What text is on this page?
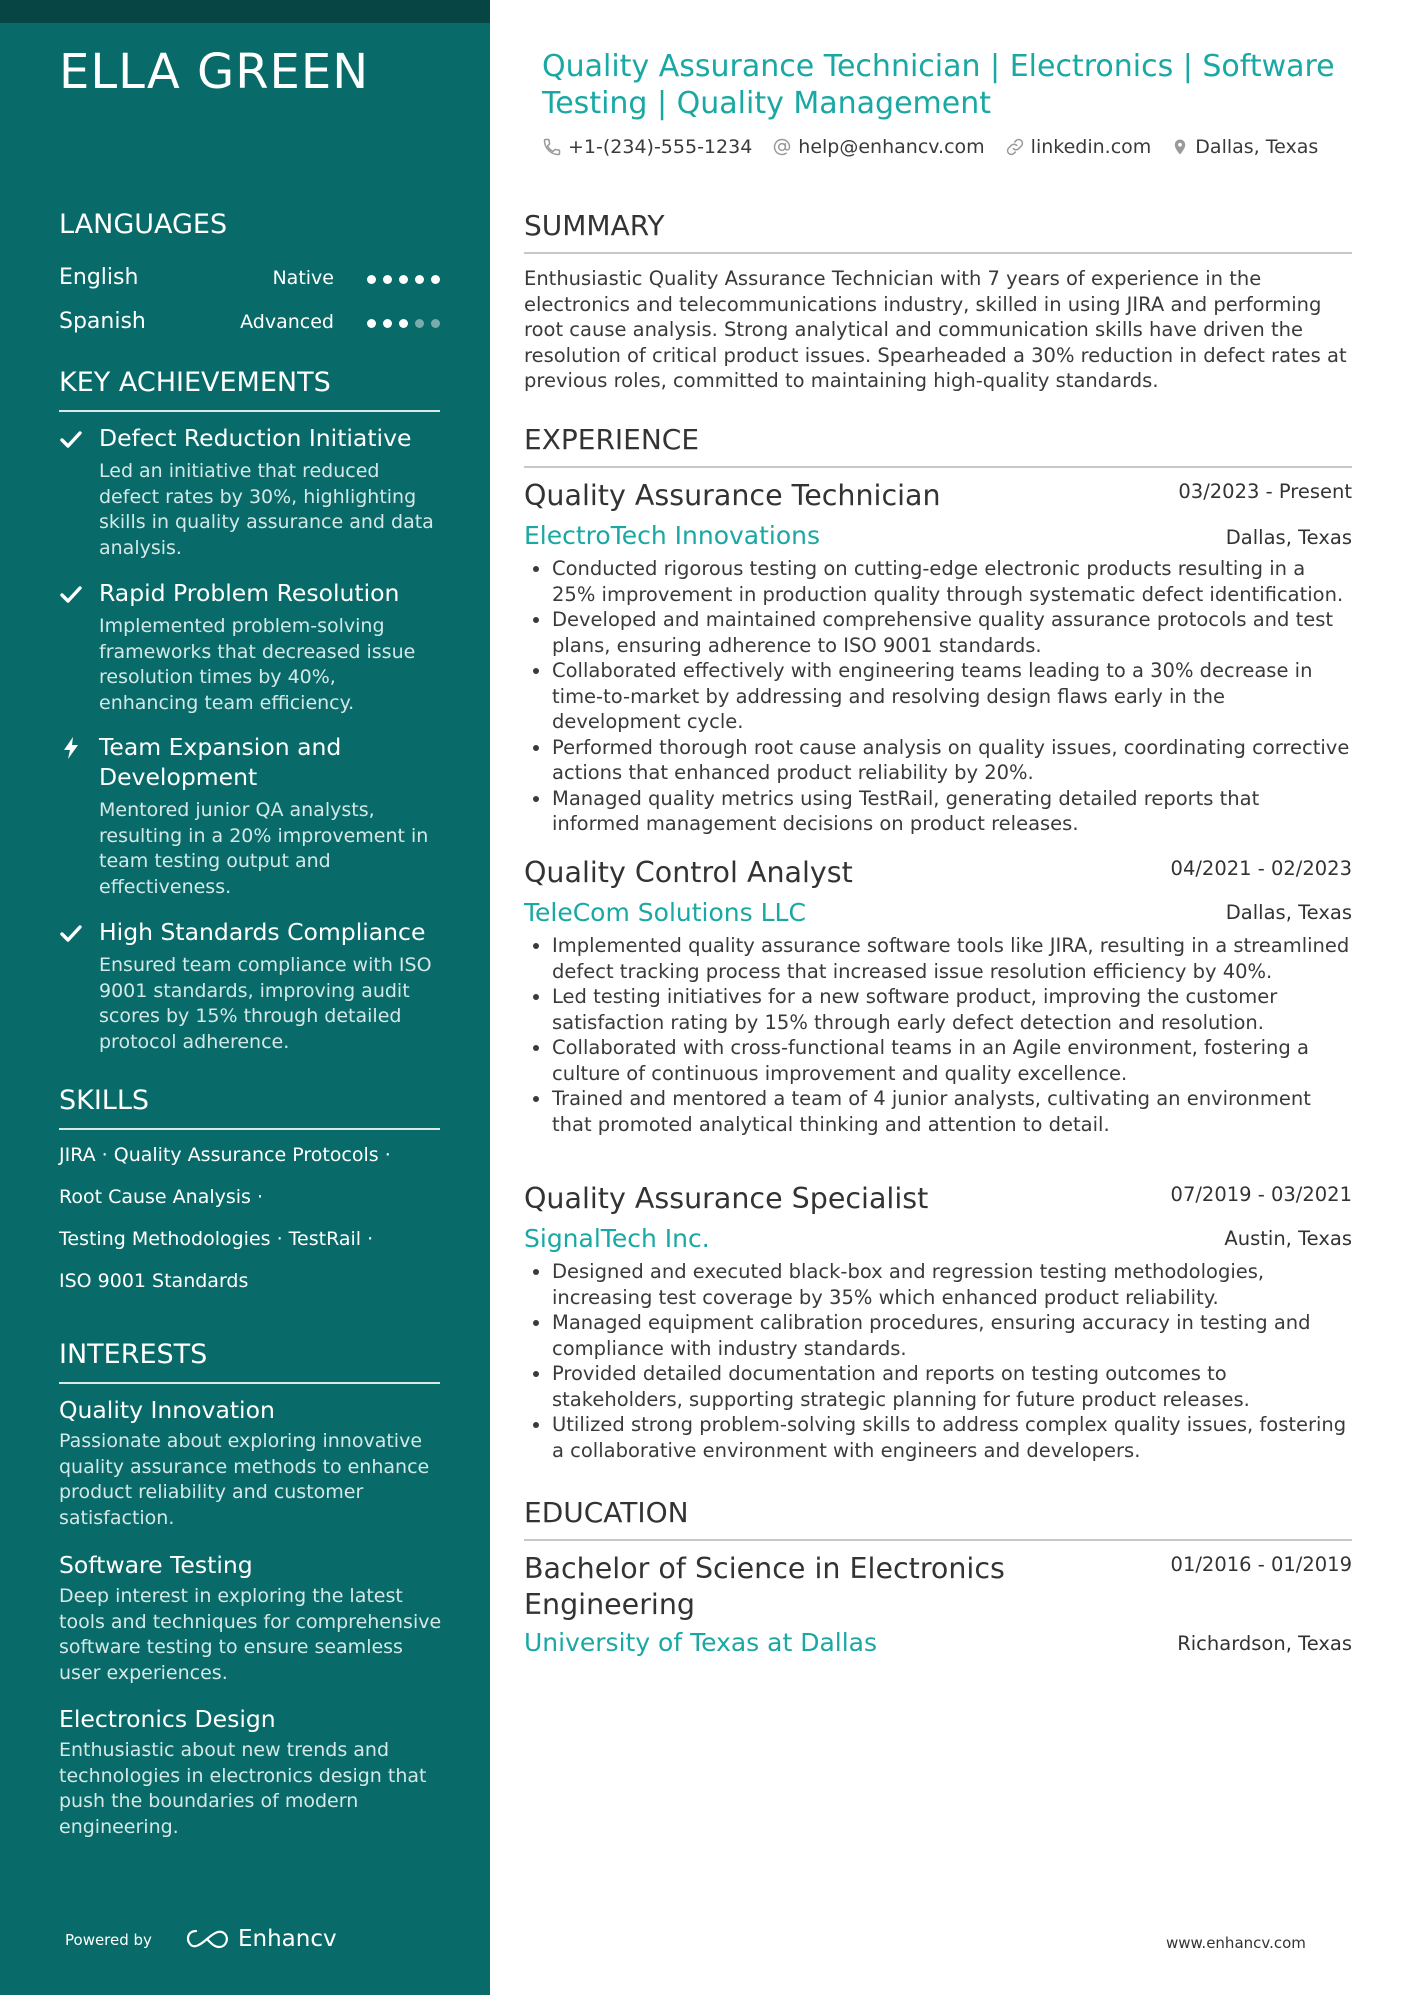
ELLA GREEN
LANGUAGES
English	Native
Spanish	Advanced
KEY ACHIEVEMENTS
Defect Reduction Initiative
Led an initiative that reduced defect rates by 30%, highlighting skills in quality assurance and data analysis.
Rapid Problem Resolution
Implemented problem-solving frameworks that decreased issue resolution times by 40%, enhancing team efficiency.
Team Expansion and Development
Mentored junior QA analysts, resulting in a 20% improvement in team testing output and effectiveness.
High Standards Compliance
Ensured team compliance with ISO 9001 standards, improving audit scores by 15% through detailed protocol adherence.
SKILLS
JIRA · Quality Assurance Protocols ·
Root Cause Analysis ·
Testing Methodologies · TestRail ·
ISO 9001 Standards
INTERESTS
Quality Innovation
Passionate about exploring innovative quality assurance methods to enhance product reliability and customer satisfaction.
Software Testing
Deep interest in exploring the latest tools and techniques for comprehensive software testing to ensure seamless user experiences.
Electronics Design
Enthusiastic about new trends and technologies in electronics design that push the boundaries of modern engineering.
Powered by	Enhancv
Quality Assurance Technician | Electronics | Software Testing | Quality Management
+1-(234)-555-1234 help@enhancv.com linkedin.com Dallas, Texas
SUMMARY

Enthusiastic Quality Assurance Technician with 7 years of experience in the electronics and telecommunications industry, skilled in using JIRA and performing root cause analysis. Strong analytical and communication skills have driven the resolution of critical product issues. Spearheaded a 30% reduction in defect rates at previous roles, committed to maintaining high-quality standards.

EXPERIENCE
Quality Assurance Technician	03/2023 - Present
ElectroTech Innovations	Dallas, Texas
• Conducted rigorous testing on cutting-edge electronic products resulting in a 25% improvement in production quality through systematic defect identification.
• Developed and maintained comprehensive quality assurance protocols and test plans, ensuring adherence to ISO 9001 standards.
• Collaborated effectively with engineering teams leading to a 30% decrease in time-to-market by addressing and resolving design flaws early in the development cycle.
• Performed thorough root cause analysis on quality issues, coordinating corrective actions that enhanced product reliability by 20%.
• Managed quality metrics using TestRail, generating detailed reports that informed management decisions on product releases.
Quality Control Analyst	04/2021 - 02/2023
TeleCom Solutions LLC	Dallas, Texas
• Implemented quality assurance software tools like JIRA, resulting in a streamlined defect tracking process that increased issue resolution efficiency by 40%.
• Led testing initiatives for a new software product, improving the customer satisfaction rating by 15% through early defect detection and resolution.
• Collaborated with cross-functional teams in an Agile environment, fostering a culture of continuous improvement and quality excellence.
• Trained and mentored a team of 4 junior analysts, cultivating an environment that promoted analytical thinking and attention to detail.
Quality Assurance Specialist	07/2019 - 03/2021
SignalTech Inc.	Austin, Texas
• Designed and executed black-box and regression testing methodologies, increasing test coverage by 35% which enhanced product reliability.
• Managed equipment calibration procedures, ensuring accuracy in testing and compliance with industry standards.
• Provided detailed documentation and reports on testing outcomes to stakeholders, supporting strategic planning for future product releases.
• Utilized strong problem-solving skills to address complex quality issues, fostering a collaborative environment with engineers and developers.
EDUCATION
Bachelor of Science in Electronics Engineering
01/2016 - 01/2019
University of Texas at Dallas	Richardson, Texas
www.enhancv.com
